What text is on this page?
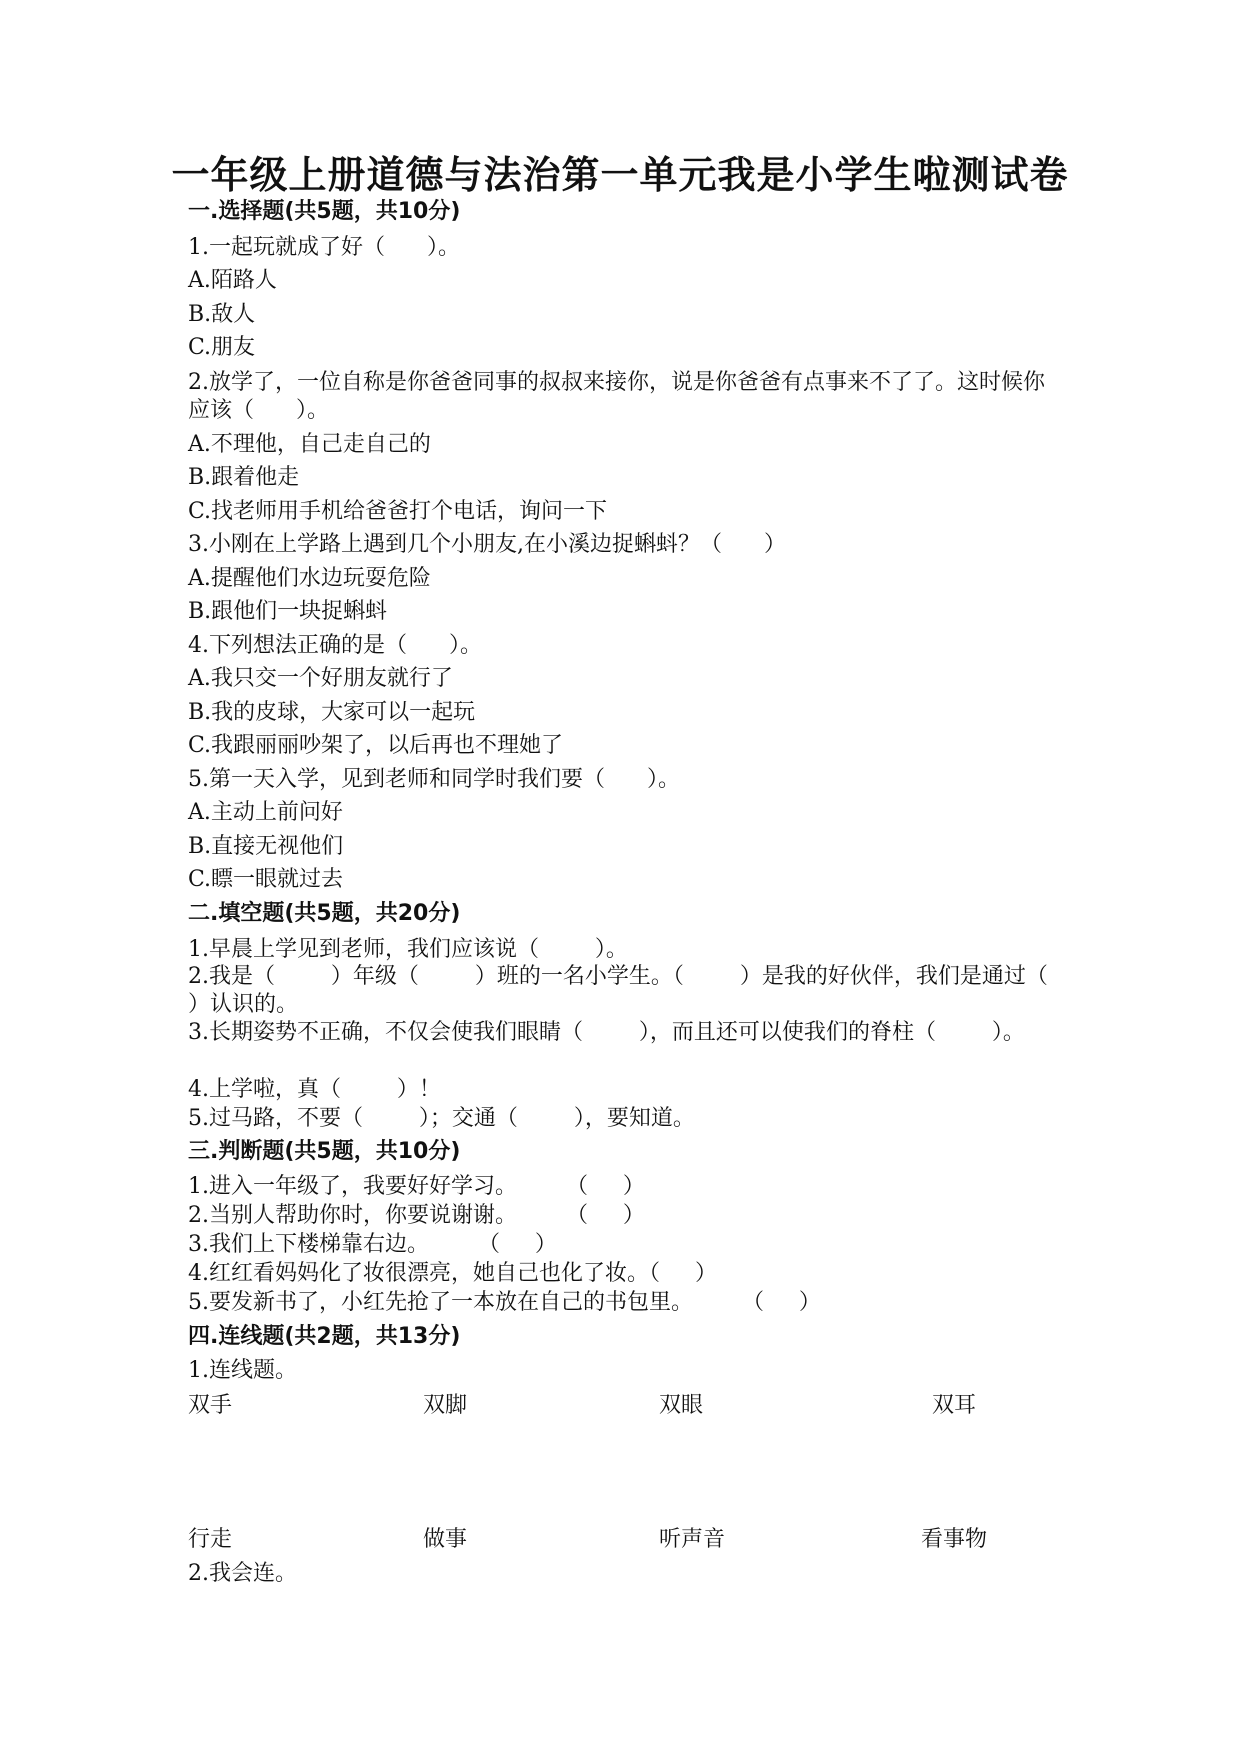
一年级上册道德与法治第一单元我是小学生啦测试卷
一.选择题(共5题，共10分)
1.一起玩就成了好（      ）。
A.陌路人
B.敌人
C.朋友
2.放学了，一位自称是你爸爸同事的叔叔来接你，说是你爸爸有点事来不了了。这时候你应该（      ）。
A.不理他，自己走自己的
B.跟着他走
C.找老师用手机给爸爸打个电话，询问一下
3.小刚在上学路上遇到几个小朋友,在小溪边捉蝌蚪？（      ）
A.提醒他们水边玩耍危险
B.跟他们一块捉蝌蚪
4.下列想法正确的是（      ）。
A.我只交一个好朋友就行了
B.我的皮球，大家可以一起玩
C.我跟丽丽吵架了，以后再也不理她了
5.第一天入学，见到老师和同学时我们要（      ）。
A.主动上前问好
B.直接无视他们
C.瞟一眼就过去
二.填空题(共5题，共20分)
1.早晨上学见到老师，我们应该说（        ）。
2.我是（        ）年级（        ）班的一名小学生。（        ）是我的好伙伴，我们是通过（        ）认识的。
3.长期姿势不正确，不仅会使我们眼睛（        ），而且还可以使我们的脊柱（        ）。
4.上学啦，真（        ）！
5.过马路，不要（        ）；交通（        ），要知道。
三.判断题(共5题，共10分)
1.进入一年级了，我要好好学习。       （     ）
2.当别人帮助你时，你要说谢谢。       （     ）
3.我们上下楼梯靠右边。       （     ）
4.红红看妈妈化了妆很漂亮，她自己也化了妆。（     ）
5.要发新书了，小红先抢了一本放在自己的书包里。       （     ）
四.连线题(共2题，共13分)
1.连线题。
双手	双脚	双眼	双耳
行走	做事	听声音	看事物
2.我会连。
